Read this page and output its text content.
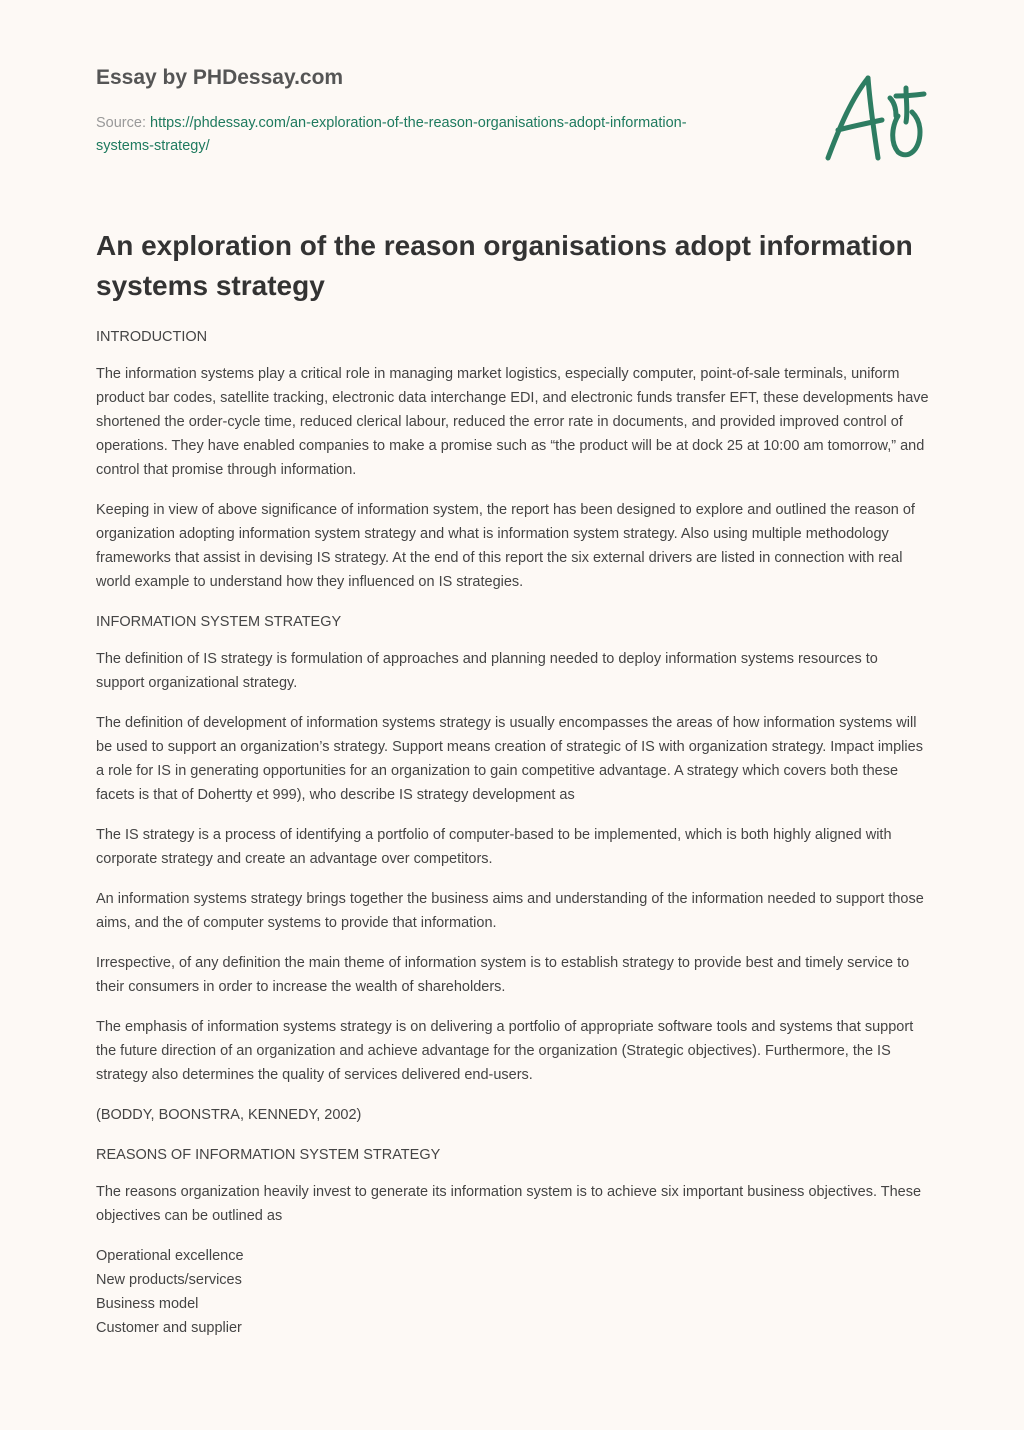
Essay by PHDessay.com
Source: https://phdessay.com/an-exploration-of-the-reason-organisations-adopt-information-systems-strategy/
An exploration of the reason organisations adopt information systems strategy

INTRODUCTION

The information systems play a critical role in managing market logistics, especially computer, point-of-sale terminals, uniform product bar codes, satellite tracking, electronic data interchange EDI, and electronic funds transfer EFT, these developments have shortened the order-cycle time, reduced clerical labour, reduced the error rate in documents, and provided improved control of operations. They have enabled companies to make a promise such as “the product will be at dock 25 at 10:00 am tomorrow,” and control that promise through information.

Keeping in view of above significance of information system, the report has been designed to explore and outlined the reason of organization adopting information system strategy and what is information system strategy. Also using multiple methodology frameworks that assist in devising IS strategy. At the end of this report the six external drivers are listed in connection with real world example to understand how they influenced on IS strategies.

INFORMATION SYSTEM STRATEGY

The definition of IS strategy is formulation of approaches and planning needed to deploy information systems resources to support organizational strategy.

The definition of development of information systems strategy is usually encompasses the areas of how information systems will be used to support an organization’s strategy. Support means creation of strategic of IS with organization strategy. Impact implies a role for IS in generating opportunities for an organization to gain competitive advantage. A strategy which covers both these facets is that of Dohertty et 999), who describe IS strategy development as

The IS strategy is a process of identifying a portfolio of computer-based to be implemented, which is both highly aligned with corporate strategy and create an advantage over competitors.

An information systems strategy brings together the business aims and understanding of the information needed to support those aims, and the of computer systems to provide that information.

Irrespective, of any definition the main theme of information system is to establish strategy to provide best and timely service to their consumers in order to increase the wealth of shareholders.

The emphasis of information systems strategy is on delivering a portfolio of appropriate software tools and systems that support the future direction of an organization and achieve advantage for the organization (Strategic objectives). Furthermore, the IS strategy also determines the quality of services delivered end-users.

(BODDY, BOONSTRA, KENNEDY, 2002)

REASONS OF INFORMATION SYSTEM STRATEGY

The reasons organization heavily invest to generate its information system is to achieve six important business objectives. These objectives can be outlined as

Operational excellence
New products/services
Business model
Customer and supplier
